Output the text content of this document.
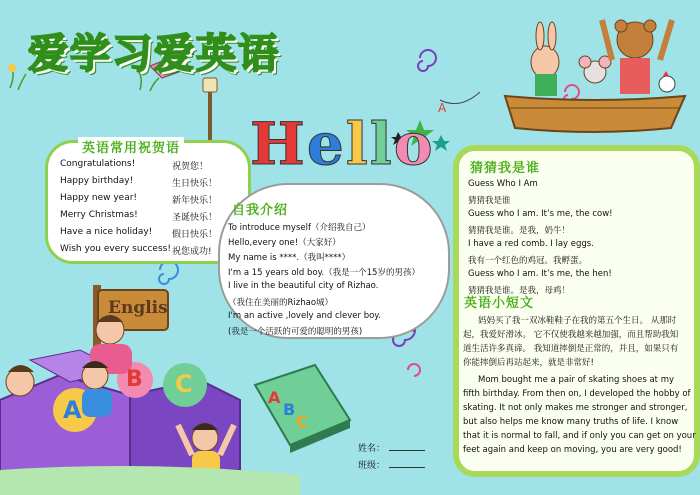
A
爱学习爱英语
Hello
Englis
A
B C	A
B
C
英语常用祝贺语
Congratulations!	祝贺您！
Happy birthday!	生日快乐！
Happy new year!	新年快乐！
Merry Christmas!	圣诞快乐！
Have a nice holiday! 假日快乐！
Wish you every success! 祝您成功!
自我介绍
To introduce myself（介绍我自己）
Hello,every one!（大家好）
My name is ****.（我叫****）
I'm a 15 years old boy.（我是一个15岁的男孩）
I live in the beautiful city of Rizhao.
（我住在美丽的Rizhao城）
I'm an active ,lovely and clever boy.
(我是一个活跃的可爱的聪明的男孩)
猜猜我是谁
Guess Who I Am
猜猜我是谁
Guess who I am. It’s me, the cow!
猜猜我是谁。是我，奶牛！
I have a red comb. I lay eggs.
我有一个红色的鸡冠。我孵蛋。
Guess who I am. It’s me, the hen!
猜猜我是谁。是我，母鸡！
英语小短文
妈妈买了我一双冰鞋鞋子在我的第五个生日。 从那时
起，我爱好滑冰。 它不仅使我越来越加强，而且帮助我知
道生活许多真谛。 我知道摔倒是正常的，并且，如果只有
你能摔倒后再站起来，就是非常好!
Mom bought me a pair of skating shoes at my
fifth birthday. From then on, I developed the hobby of
skating. It not only makes me stronger and stronger,
but also helps me know many truths of life. I know
that it is normal to fall, and if only you can get on your
feet again and keep on moving, you are very good!
姓名：
班级：
